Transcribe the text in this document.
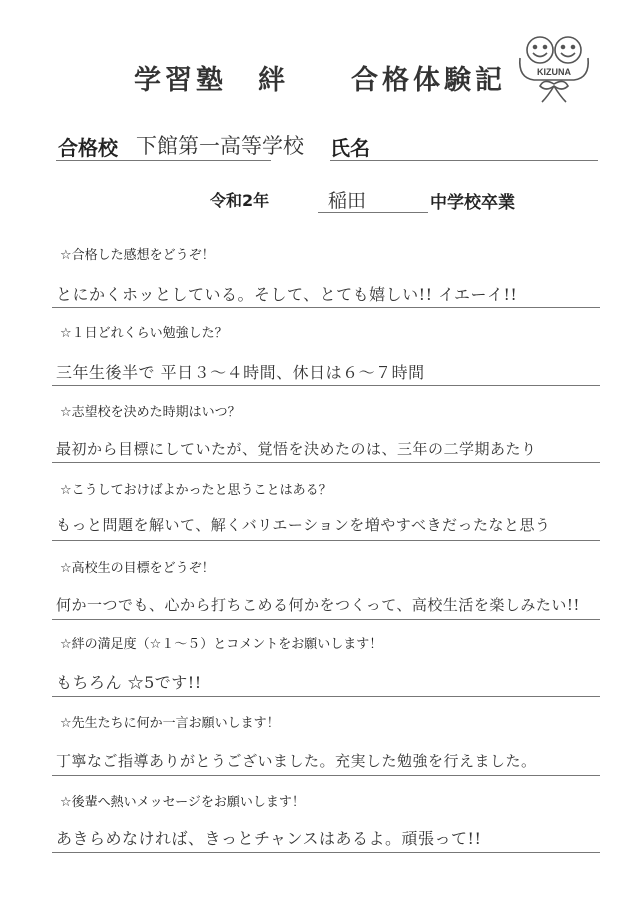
学習塾　絆　　合格体験記	KIZUNA
合格校 下館第一高等学校 氏名
令和2年	稲田	中学校卒業
☆合格した感想をどうぞ！
とにかくホッとしている。そして、とても嬉しい!! イエーイ!!
☆１日どれくらい勉強した？
三年生後半で 平日３～４時間、休日は６～７時間
☆志望校を決めた時期はいつ？
最初から目標にしていたが、覚悟を決めたのは、三年の二学期あたり
☆こうしておけばよかったと思うことはある？
もっと問題を解いて、解くバリエーションを増やすべきだったなと思う
☆高校生の目標をどうぞ！
何か一つでも、心から打ちこめる何かをつくって、高校生活を楽しみたい!!
☆絆の満足度（☆１～５）とコメントをお願いします！
もちろん ☆5です!!
☆先生たちに何か一言お願いします！
丁寧なご指導ありがとうございました。充実した勉強を行えました。
☆後輩へ熱いメッセージをお願いします！
あきらめなければ、きっとチャンスはあるよ。頑張って!!
